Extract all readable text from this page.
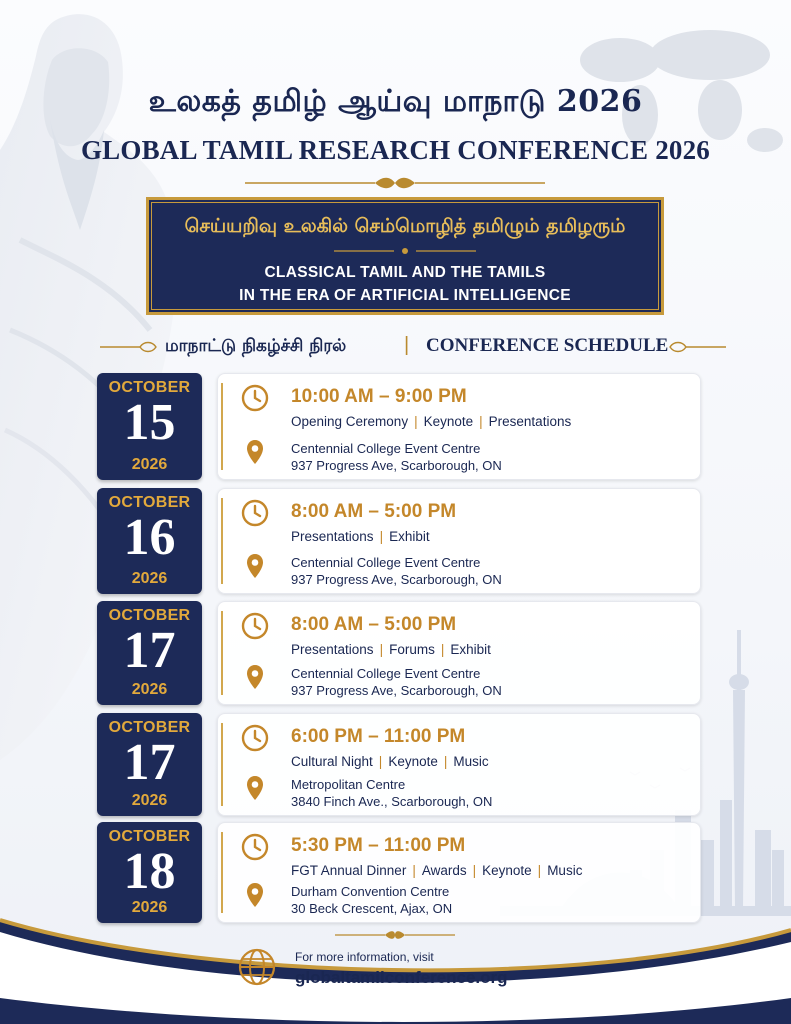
உலகத் தமிழ் ஆய்வு மாநாடு 2026
GLOBAL TAMIL RESEARCH CONFERENCE 2026
செய்யறிவு உலகில் செம்மொழித் தமிழும் தமிழரும்
CLASSICAL TAMIL AND THE TAMILS
IN THE ERA OF ARTIFICIAL INTELLIGENCE
மாநாட்டு நிகழ்ச்சி நிரல்	| CONFERENCE SCHEDULE
OCTOBER
15
2026
10:00 AM – 9:00 PM
Opening Ceremony | Keynote | Presentations
Centennial College Event Centre
937 Progress Ave, Scarborough, ON
OCTOBER
16
2026
8:00 AM – 5:00 PM
Presentations | Exhibit
Centennial College Event Centre
937 Progress Ave, Scarborough, ON
OCTOBER
17
2026
8:00 AM – 5:00 PM
Presentations | Forums | Exhibit
Centennial College Event Centre
937 Progress Ave, Scarborough, ON
OCTOBER
17
2026
6:00 PM – 11:00 PM
Cultural Night | Keynote | Music
Metropolitan Centre
3840 Finch Ave., Scarborough, ON
OCTOBER
18
2026
5:30 PM – 11:00 PM
FGT Annual Dinner | Awards | Keynote | Music
Durham Convention Centre
30 Beck Crescent, Ajax, ON
For more information, visit
globaltamilconference.org
